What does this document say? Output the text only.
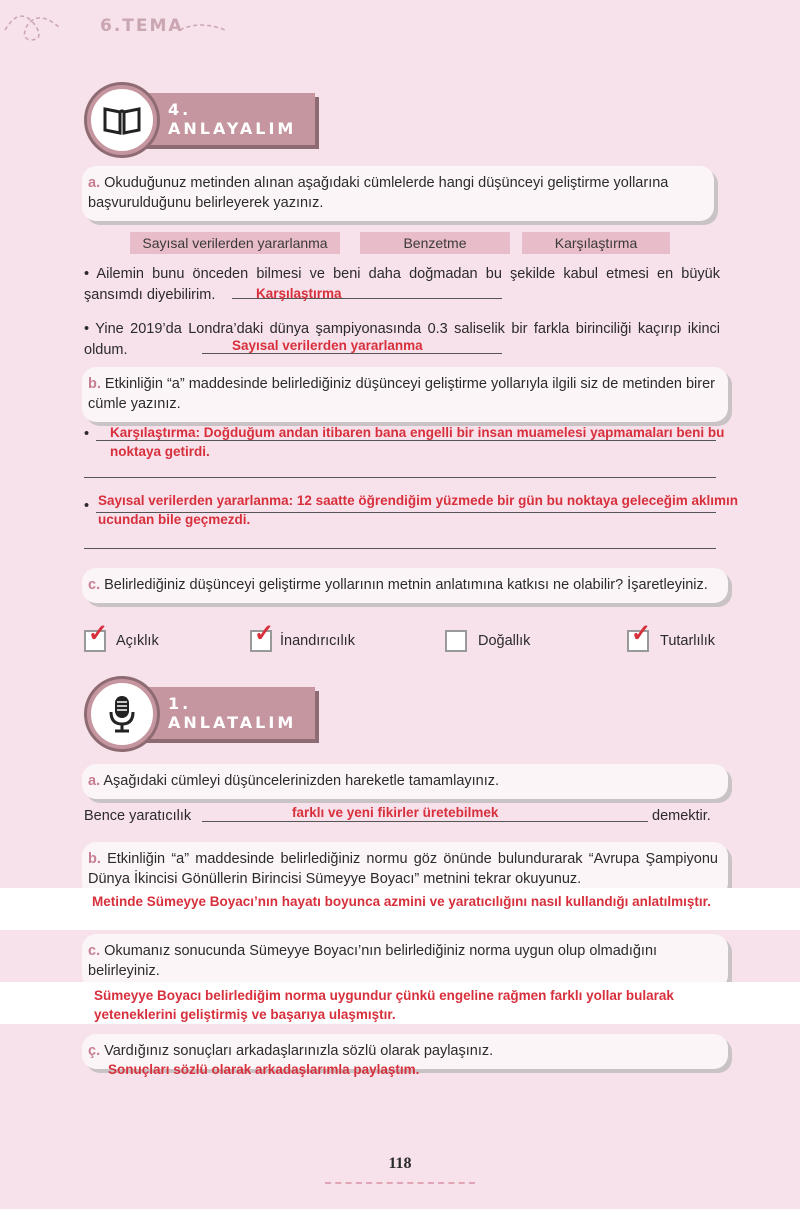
6.TEMA
4. ANLAYALIM
a. Okuduğunuz metinden alınan aşağıdaki cümlelerde hangi düşünceyi geliştirme yollarına başvurulduğunu belirleyerek yazınız.
Sayısal verilerden yararlanma	Benzetme	Karşılaştırma
• Ailemin bunu önceden bilmesi ve beni daha doğmadan bu şekilde kabul etmesi en büyük şansımdı diyebilirim.	Karşılaştırma
• Yine 2019’da Londra’daki dünya şampiyonasında 0.3 saliselik bir farkla birinciliği kaçırıp ikinci oldum.	Sayısal verilerden yararlanma
b. Etkinliğin “a” maddesinde belirlediğiniz düşünceyi geliştirme yollarıyla ilgili siz de metinden birer cümle yazınız.
• Karşılaştırma: Doğduğum andan itibaren bana engelli bir insan muamelesi yapmamaları beni bu noktaya getirdi.
• Sayısal verilerden yararlanma: 12 saatte öğrendiğim yüzmede bir gün bu noktaya geleceğim aklımın ucundan bile geçmezdi.
c. Belirlediğiniz düşünceyi geliştirme yollarının metnin anlatımına katkısı ne olabilir? İşaretleyiniz.
✓ Açıklık	✓ İnandırıcılık	Doğallık	✓ Tutarlılık
1. ANLATALIM
a. Aşağıdaki cümleyi düşüncelerinizden hareketle tamamlayınız.
Bence yaratıcılık	farklı ve yeni fikirler üretebilmek	demektir.
b. Etkinliğin “a” maddesinde belirlediğiniz normu göz önünde bulundurarak “Avrupa Şampiyonu Dünya İkincisi Gönüllerin Birincisi Sümeyye Boyacı” metnini tekrar okuyunuz.
Metinde Sümeyye Boyacı’nın hayatı boyunca azmini ve yaratıcılığını nasıl kullandığı anlatılmıştır.
c. Okumanız sonucunda Sümeyye Boyacı’nın belirlediğiniz norma uygun olup olmadığını belirleyiniz.
Sümeyye Boyacı belirlediğim norma uygundur çünkü engeline rağmen farklı yollar bularak yeteneklerini geliştirmiş ve başarıya ulaşmıştır.
ç. Vardığınız sonuçları arkadaşlarınızla sözlü olarak paylaşınız.
Sonuçları sözlü olarak arkadaşlarımla paylaştım.
118
